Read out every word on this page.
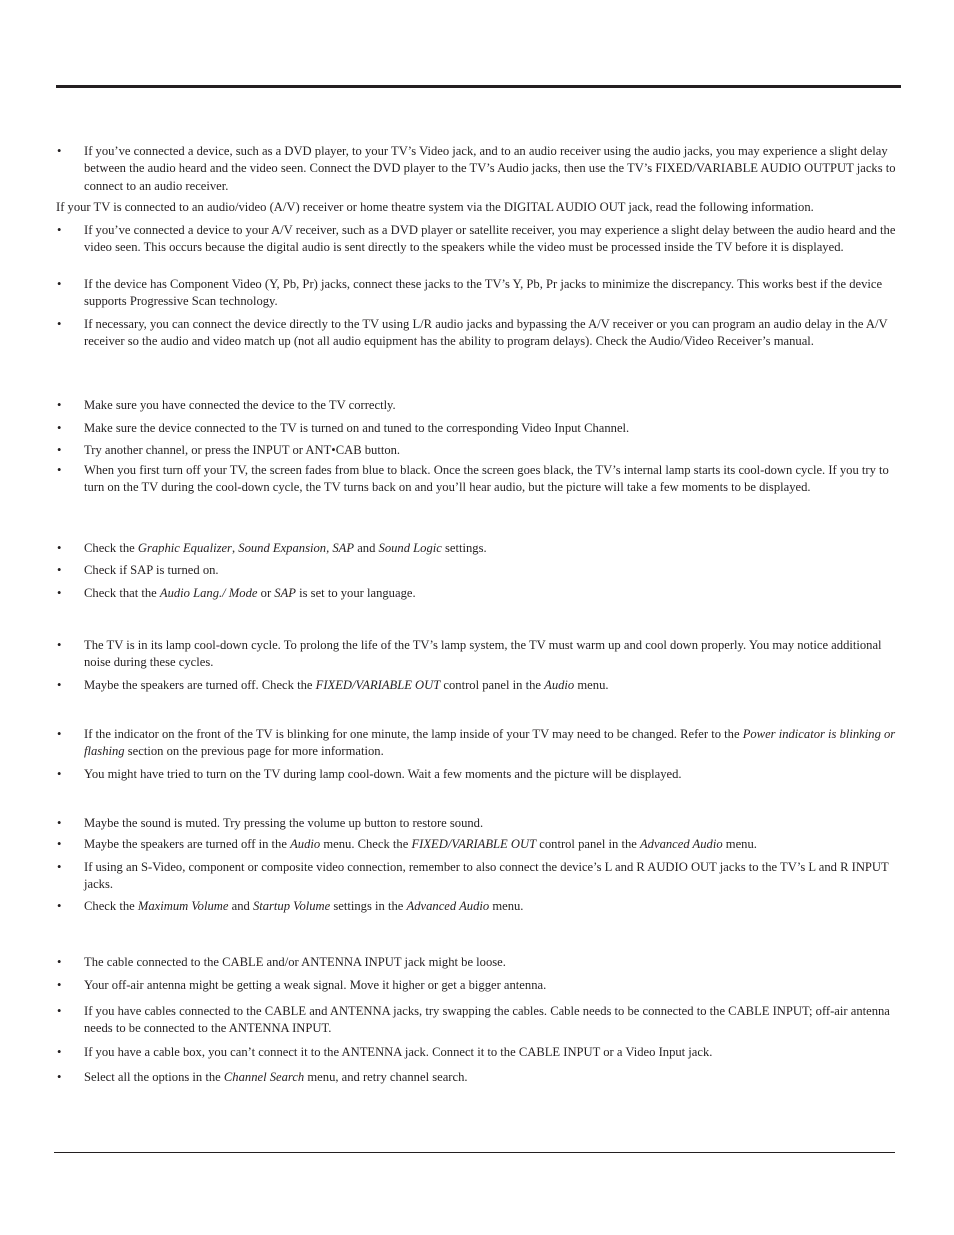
•

If you’ve connected a device, such as a DVD player, to your TV’s Video jack, and to an audio receiver using the audio jacks, you may experience a slight delay between the audio heard and the video seen. Connect the DVD player to the TV’s Audio jacks, then use the TV’s FIXED/VARIABLE AUDIO OUTPUT jacks to connect to an audio receiver.

If your TV is connected to an audio/video (A/V) receiver or home theatre system via the DIGITAL AUDIO OUT jack, read the following information.

•

If you’ve connected a device to your A/V receiver, such as a DVD player or satellite receiver, you may experience a slight delay between the audio heard and the video seen. This occurs because the digital audio is sent directly to the speakers while the video must be processed inside the TV before it is displayed.

•

If the device has Component Video (Y, Pb, Pr) jacks, connect these jacks to the TV’s Y, Pb, Pr jacks to minimize the discrepancy. This works best if the device supports Progressive Scan technology.

•

If necessary, you can connect the device directly to the TV using L/R audio jacks and bypassing the A/V receiver or you can program an audio delay in the A/V receiver so the audio and video match up (not all audio equipment has the ability to program delays). Check the Audio/Video Receiver’s manual.

•

Make sure you have connected the device to the TV correctly.

•

Make sure the device connected to the TV is turned on and tuned to the corresponding Video Input Channel.

•

Try another channel, or press the INPUT or ANT•CAB button.

•

When you first turn off your TV, the screen fades from blue to black. Once the screen goes black, the TV’s internal lamp starts its cool-down cycle. If you try to turn on the TV during the cool-down cycle, the TV turns back on and you’ll hear audio, but the picture will take a few moments to be displayed.

•

Check the Graphic Equalizer, Sound Expansion, SAP and Sound Logic settings.

•

Check if SAP is turned on.

•

Check that the Audio Lang./ Mode or SAP is set to your language.

•

The TV is in its lamp cool-down cycle. To prolong the life of the TV’s lamp system, the TV must warm up and cool down properly. You may notice additional noise during these cycles.

•

Maybe the speakers are turned off. Check the FIXED/VARIABLE OUT control panel in the Audio menu.

•

If the indicator on the front of the TV is blinking for one minute, the lamp inside of your TV may need to be changed. Refer to the Power indicator is blinking or flashing section on the previous page for more information.

•

You might have tried to turn on the TV during lamp cool-down. Wait a few moments and the picture will be displayed.

•

Maybe the sound is muted. Try pressing the volume up button to restore sound.

•

Maybe the speakers are turned off in the Audio menu. Check the FIXED/VARIABLE OUT control panel in the Advanced Audio menu.

•

If using an S-Video, component or composite video connection, remember to also connect the device’s L and R AUDIO OUT jacks to the TV’s L and R INPUT jacks.

•

Check the Maximum Volume and Startup Volume settings in the Advanced Audio menu.

•

The cable connected to the CABLE and/or ANTENNA INPUT jack might be loose.

•

Your off-air antenna might be getting a weak signal. Move it higher or get a bigger antenna.

•

If you have cables connected to the CABLE and ANTENNA jacks, try swapping the cables. Cable needs to be connected to the CABLE INPUT; off-air antenna needs to be connected to the ANTENNA INPUT.

•

If you have a cable box, you can’t connect it to the ANTENNA jack. Connect it to the CABLE INPUT or a Video Input jack.

•

Select all the options in the Channel Search menu, and retry channel search.
